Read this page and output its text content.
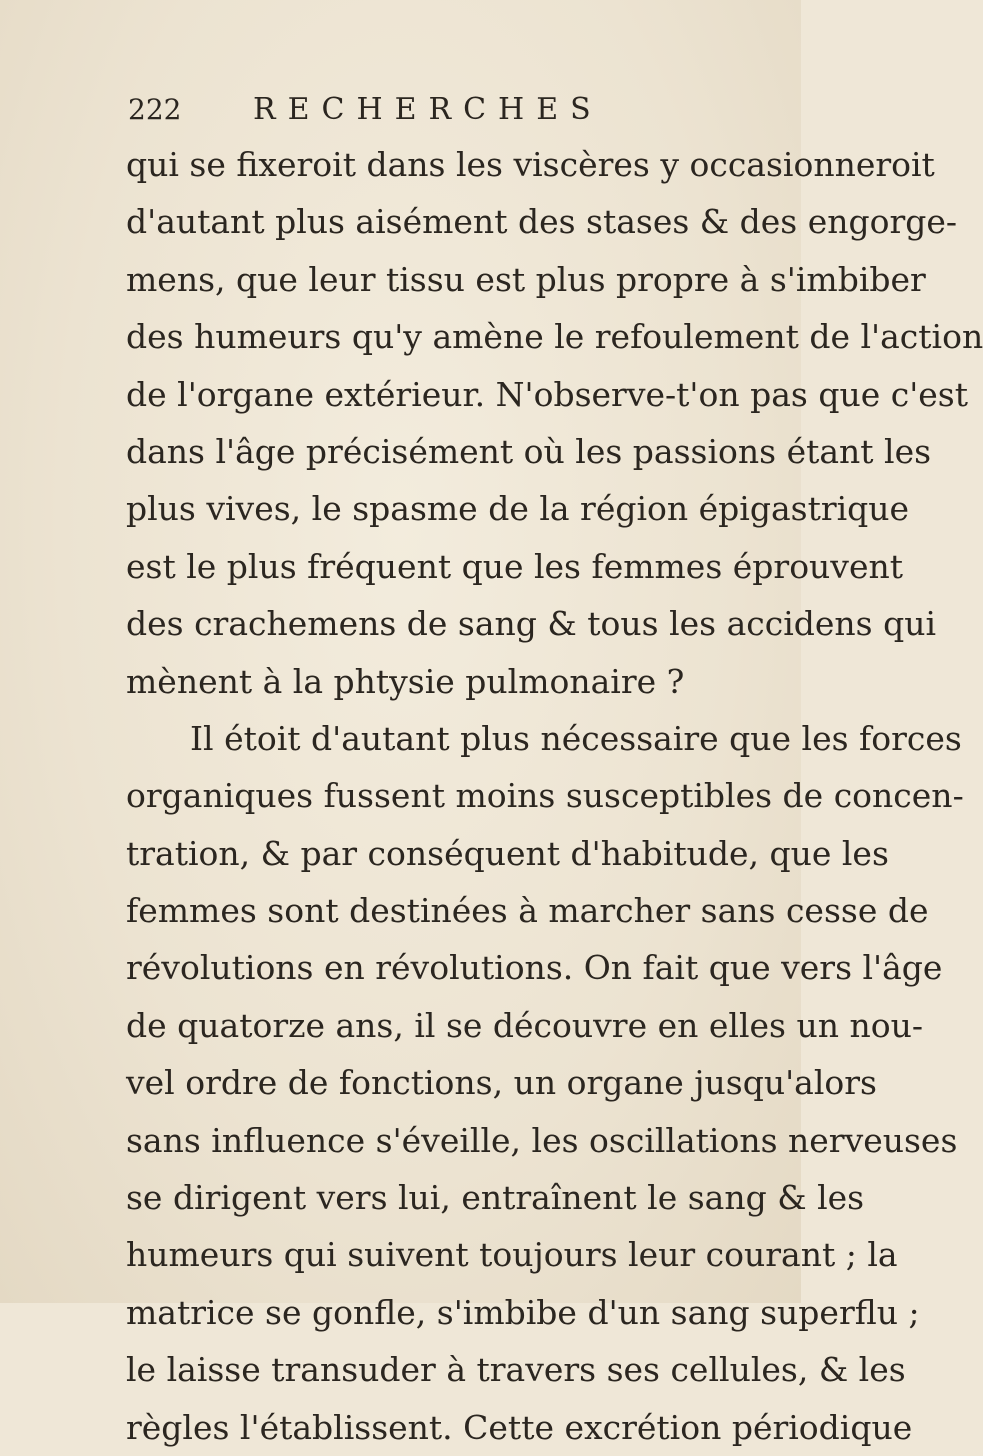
222 RECHERCHES
qui se fixeroit dans les viscères y occasionneroit
d'autant plus aisément des stases & des engorge-
mens, que leur tissu est plus propre à s'imbiber
des humeurs qu'y amène le refoulement de l'action
de l'organe extérieur. N'observe-t'on pas que c'est
dans l'âge précisément où les passions étant les
plus vives, le spasme de la région épigastrique
est le plus fréquent que les femmes éprouvent
des crachemens de sang & tous les accidens qui
mènent à la phtysie pulmonaire ?
Il étoit d'autant plus nécessaire que les forces
organiques fussent moins susceptibles de concen-
tration, & par conséquent d'habitude, que les
femmes sont destinées à marcher sans cesse de
révolutions en révolutions. On fait que vers l'âge
de quatorze ans, il se découvre en elles un nou-
vel ordre de fonctions, un organe jusqu'alors
sans influence s'éveille, les oscillations nerveuses
se dirigent vers lui, entraînent le sang & les
humeurs qui suivent toujours leur courant ; la
matrice se gonfle, s'imbibe d'un sang superflu ;
le laisse transuder à travers ses cellules, & les
règles l'établissent. Cette excrétion périodique
